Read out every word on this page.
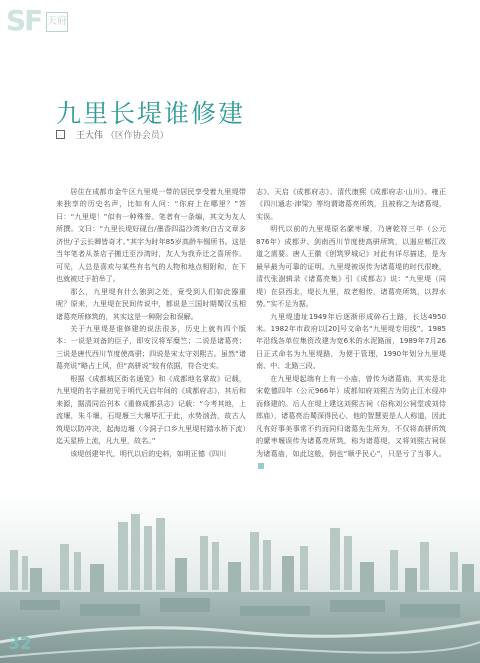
SF 天府
九里长堤谁修建
王大伟 （区作协会员）

居住在成都市金牛区九里堤一带的居民享受着九里堤带来独享的历史名声，比如有人问：“你府上在哪里？”答曰：“九里堤！”似有一种殊誉。笔者有一条编，其文为友人所撰。文曰：“九里长堤好砚台/墨香四溢沙湾来/白古文章多济世/子云长卿皆奇才。”其字为时年85岁高龄车锡所书。这是当年笔者从茶店子搬迁至沙湾时，友人为我乔迁之喜所作。可见，人总是喜欢与某些有名气的人物和地点相附和，在下也就被过于拍举了。

那么，九里堤有什么独到之处，竟受到人们如此器重呢？原来，九里堤在民间传说中，都说是三国时期蜀汉丞相诸葛亮所修筑的，其实这是一种附会和误解。

关于九里堤是谁修建的说法很多，历史上就有四个版本：一说是刘备的臣子，即安汉将军糜竺；二说是诸葛亮；三说是唐代西川节度使高骈；四说是宋太守刘熙古。虽然“诸葛亮说”略占上风，但“高骈说”较有依据，符合史实。

根据《成都城区街名通览》和《成都地名掌故》记载，九里堤的名字最初见于明代天启年间的《成都府志》，其后和来源，据清同治刊本《重修成都县志》记载：“今考其地，上流堰，朱斗堰，石堤堰三大堰毕汇于此，水势汹劲，故古人筑堤以防冲决，起海边堰（今洞子口乡九里堤村踏水桥下流）迄天星桥上流，凡九里，故名。”

该堤创建年代，明代以后的史料，如明正德《四川

志》、天启《成都府志》、清代康熙《成都府志·山川》、雍正《四川通志·津梁》等均谓诸葛亮所筑，且被称之为诸葛堤，实误。

明代以前的九里堤原名縻枣堰，乃唐乾符三年（公元876年）成都尹、剑南西川节度使高骈所筑，以遏应郫江改道之需要。唐人王徽《创筑罗城记》对此有详尽描述，是为最早最为可靠的证明。九里堤被误传为诸葛堤的时代很晚，清代张澍辑录《诸葛亮集》引《成都志》说：“九里堤（同堤）在县西北，堤长九里，故老相传，诸葛亮所筑，以捍水势。”实不足为据。

九里堤遗址1949年后逐渐形成碎石土路，长达4950米。1982年市政府以[20]号文命名“九里堤专用线”。1985年沿线各单位集资改建为宽6米的水泥路面，1989年7月26日正式命名为九里堤路，为便于管理，1990年划分九里堤南、中、北路三段。

在九里堤起端有上有一小庙，曾传为诸葛庙，其实是北宋乾德四年（公元966年）成都知府刘熙古为防止江水侵冲而修建的。后人在堤上建这刘熙古祠（俗称刘公祠堂或刘侍郎庙），诸葛亮治蜀深得民心，他的智慧更是人人称道，因此凡有好事美事常不约而同归诸葛先生所为，不仅将高骈所筑的縻枣堰误传为诸葛亮所筑，称为诸葛堤，又将刘熙古祠误为诸葛庙，如此这般，倒也“顺乎民心”，只是亏了当事人。

32
